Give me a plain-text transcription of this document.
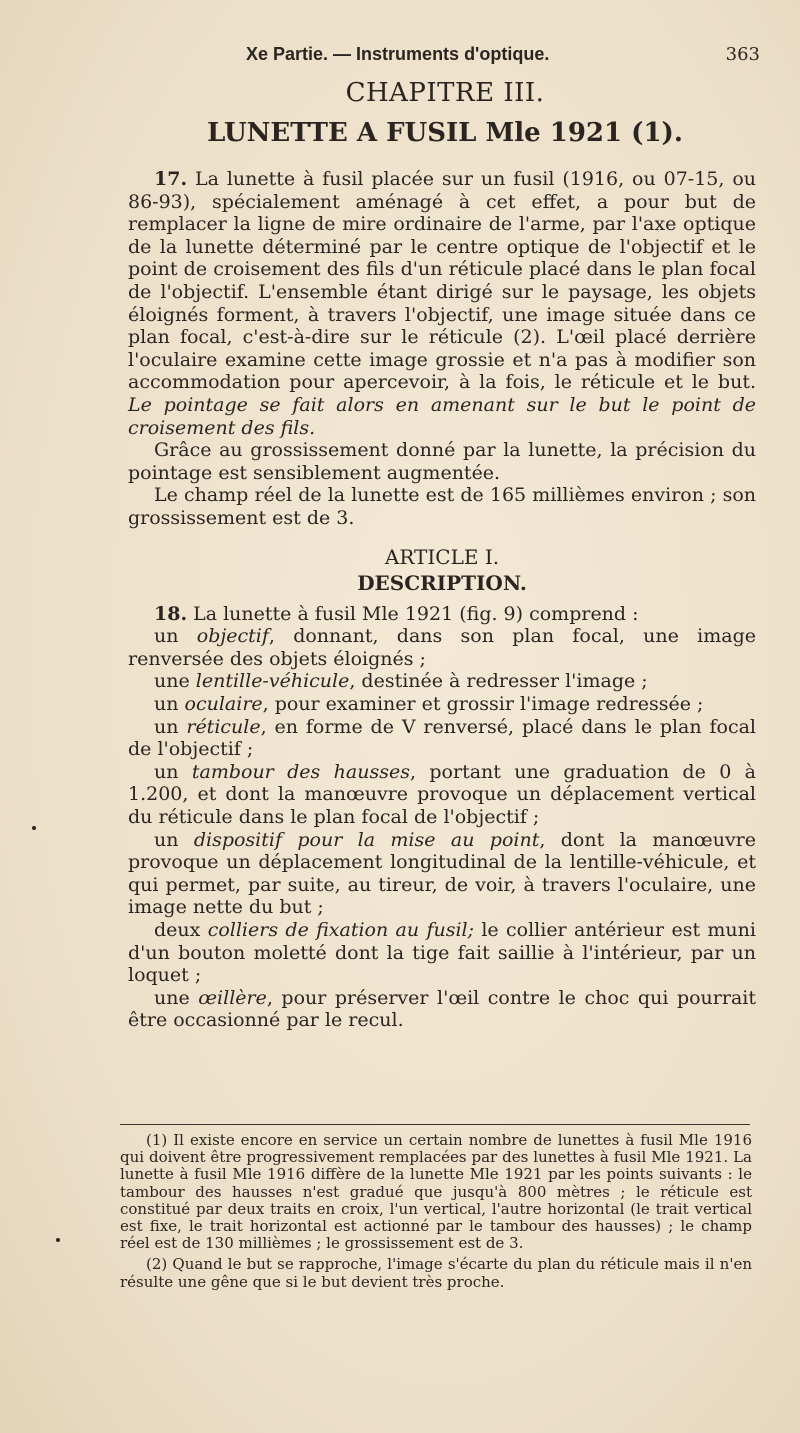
Xe Partie. — Instruments d'optique.	363
CHAPITRE III.
LUNETTE A FUSIL Mle 1921 (1).

17. La lunette à fusil placée sur un fusil (1916, ou 07-15, ou 86-93), spécialement aménagé à cet effet, a pour but de remplacer la ligne de mire ordinaire de l'arme, par l'axe optique de la lunette déterminé par le centre optique de l'objectif et le point de croisement des fils d'un réticule placé dans le plan focal de l'objectif. L'ensemble étant dirigé sur le paysage, les objets éloignés forment, à travers l'objectif, une image située dans ce plan focal, c'est-à-dire sur le réticule (2). L'œil placé derrière l'oculaire examine cette image grossie et n'a pas à modifier son accommodation pour apercevoir, à la fois, le réticule et le but. Le pointage se fait alors en amenant sur le but le point de croisement des fils.

Grâce au grossissement donné par la lunette, la précision du pointage est sensiblement augmentée.

Le champ réel de la lunette est de 165 millièmes environ ; son grossissement est de 3.

ARTICLE I.
DESCRIPTION.

18. La lunette à fusil Mle 1921 (fig. 9) comprend :

un objectif, donnant, dans son plan focal, une image renversée des objets éloignés ;

une lentille-véhicule, destinée à redresser l'image ;

un oculaire, pour examiner et grossir l'image redressée ;

un réticule, en forme de V renversé, placé dans le plan focal de l'objectif ;

un tambour des hausses, portant une graduation de 0 à 1.200, et dont la manœuvre provoque un déplacement vertical du réticule dans le plan focal de l'objectif ;

un dispositif pour la mise au point, dont la manœuvre provoque un déplacement longitudinal de la lentille-véhicule, et qui permet, par suite, au tireur, de voir, à travers l'oculaire, une image nette du but ;

deux colliers de fixation au fusil; le collier antérieur est muni d'un bouton moletté dont la tige fait saillie à l'intérieur, par un loquet ;

une œillère, pour préserver l'œil contre le choc qui pourrait être occasionné par le recul.

(1) Il existe encore en service un certain nombre de lunettes à fusil Mle 1916 qui doivent être progressivement remplacées par des lunettes à fusil Mle 1921. La lunette à fusil Mle 1916 diffère de la lunette Mle 1921 par les points suivants : le tambour des hausses n'est gradué que jusqu'à 800 mètres ; le réticule est constitué par deux traits en croix, l'un vertical, l'autre horizontal (le trait vertical est fixe, le trait horizontal est actionné par le tambour des hausses) ; le champ réel est de 130 millièmes ; le grossissement est de 3.

(2) Quand le but se rapproche, l'image s'écarte du plan du réticule mais il n'en résulte une gêne que si le but devient très proche.
